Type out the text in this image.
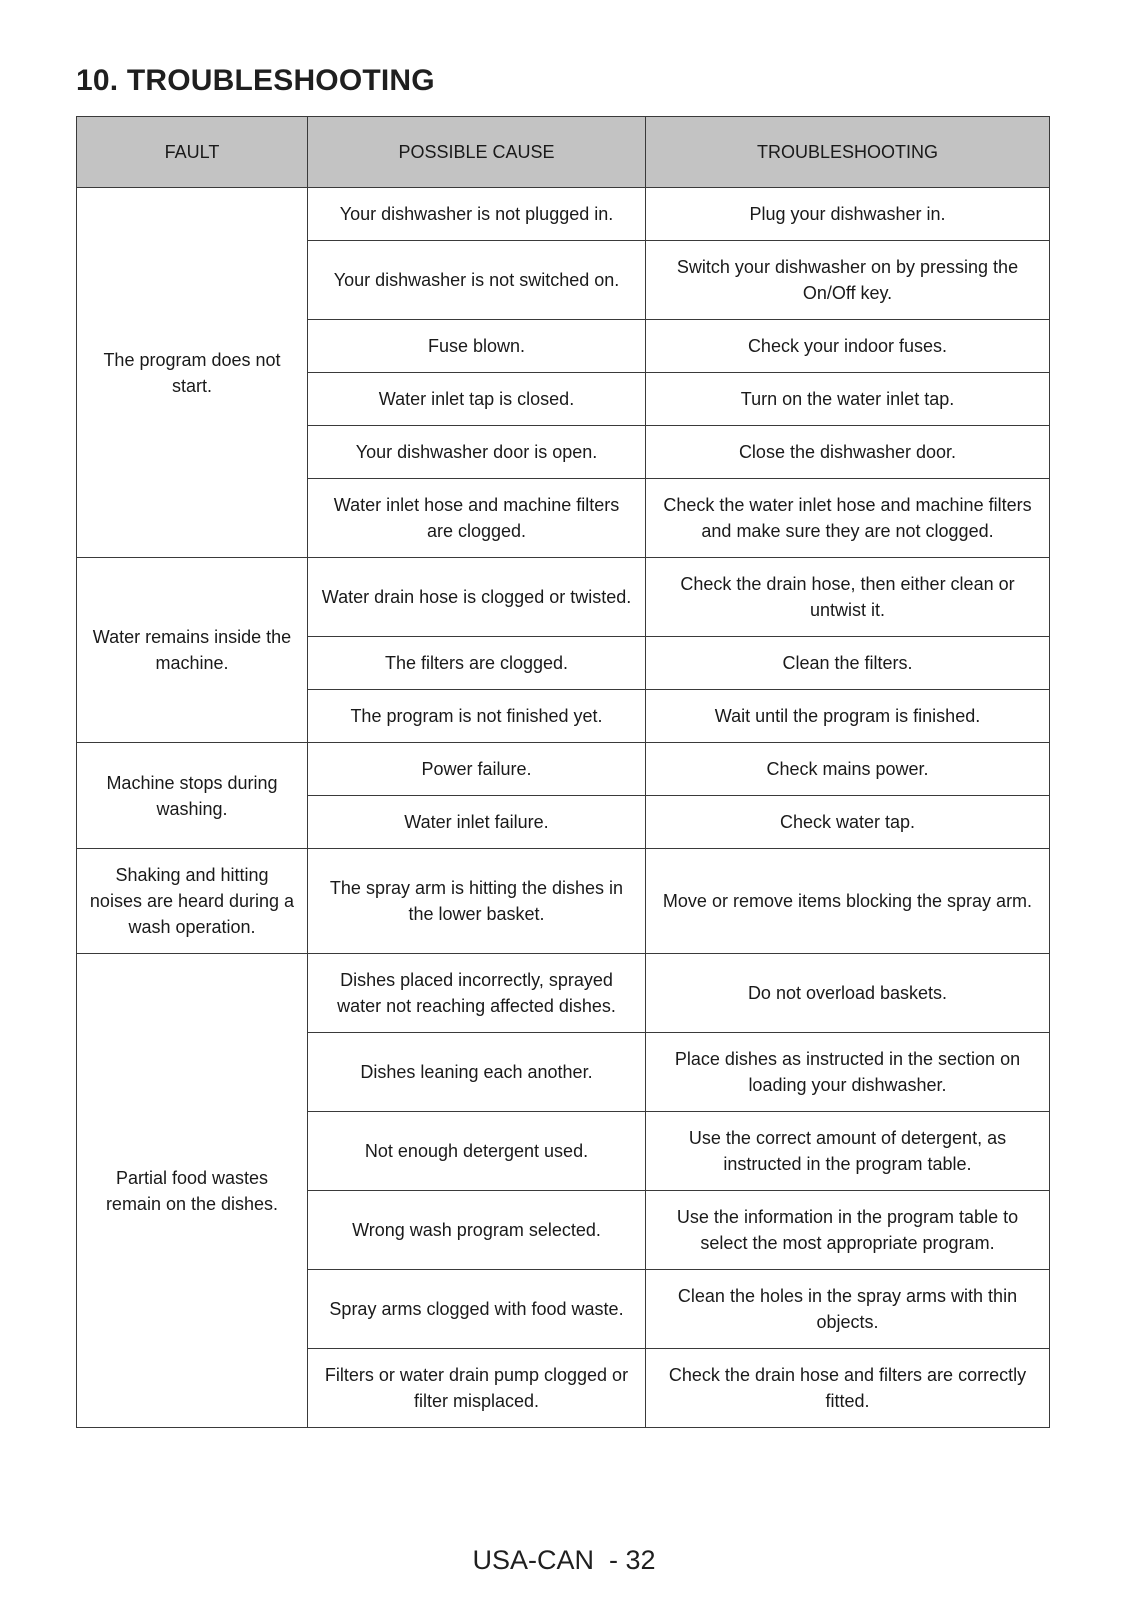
10. TROUBLESHOOTING
FAULT	POSSIBLE CAUSE	TROUBLESHOOTING
The program does not start.	Your dishwasher is not plugged in.	Plug your dishwasher in.
	Your dishwasher is not switched on.	Switch your dishwasher on by pressing the On/Off key.
	Fuse blown.	Check your indoor fuses.
	Water inlet tap is closed.	Turn on the water inlet tap.
	Your dishwasher door is open.	Close the dishwasher door.
	Water inlet hose and machine filters are clogged.	Check the water inlet hose and machine filters and make sure they are not clogged.
Water remains inside the machine.	Water drain hose is clogged or twisted.	Check the drain hose, then either clean or untwist it.
	The filters are clogged.	Clean the filters.
	The program is not finished yet.	Wait until the program is finished.
Machine stops during washing.	Power failure.	Check mains power.
	Water inlet failure.	Check water tap.
Shaking and hitting noises are heard during a wash operation.	The spray arm is hitting the dishes in the lower basket.	Move or remove items blocking the spray arm.
Partial food wastes remain on the dishes.	Dishes placed incorrectly, sprayed water not reaching affected dishes.	Do not overload baskets.
	Dishes leaning each another.	Place dishes as instructed in the section on loading your dishwasher.
	Not enough detergent used.	Use the correct amount of detergent, as instructed in the program table.
	Wrong wash program selected.	Use the information in the program table to select the most appropriate program.
	Spray arms clogged with food waste.	Clean the holes in the spray arms with thin objects.
	Filters or water drain pump clogged or filter misplaced.	Check the drain hose and filters are correctly fitted.
USA-CAN  - 32
